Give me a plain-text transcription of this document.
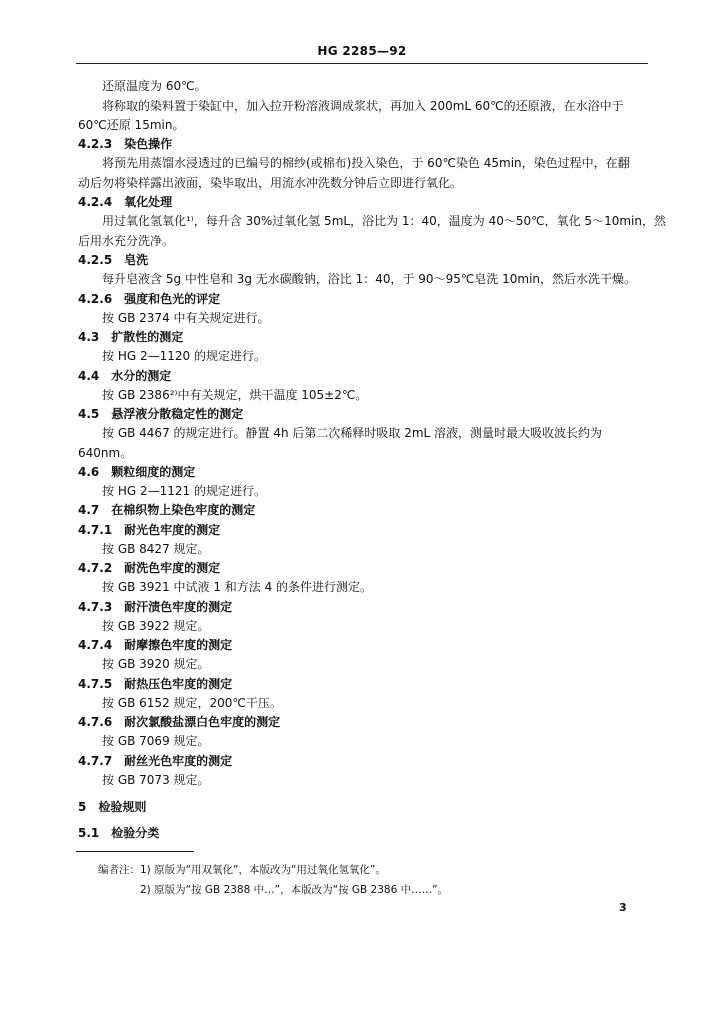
HG 2285—92
还原温度为 60℃。
将称取的染料置于染缸中，加入拉开粉溶液调成浆状，再加入 200mL 60℃的还原液，在水浴中于
60℃还原 15min。
4.2.3　染色操作
将预先用蒸馏水浸透过的已编号的棉纱(或棉布)投入染色，于 60℃染色 45min，染色过程中，在翻
动后勿将染样露出液面，染毕取出，用流水冲洗数分钟后立即进行氧化。
4.2.4　氧化处理
用过氧化氢氧化¹⁾，每升含 30%过氧化氢 5mL，浴比为 1：40，温度为 40～50℃，氧化 5～10min，然
后用水充分洗净。
4.2.5　皂洗
每升皂液含 5g 中性皂和 3g 无水碳酸钠，浴比 1：40，于 90～95℃皂洗 10min，然后水洗干燥。
4.2.6　强度和色光的评定
按 GB 2374 中有关规定进行。
4.3　扩散性的测定
按 HG 2—1120 的规定进行。
4.4　水分的测定
按 GB 2386²⁾中有关规定，烘干温度 105±2℃。
4.5　悬浮液分散稳定性的测定
按 GB 4467 的规定进行。静置 4h 后第二次稀释时吸取 2mL 溶液，测量时最大吸收波长约为
640nm。
4.6　颗粒细度的测定
按 HG 2—1121 的规定进行。
4.7　在棉织物上染色牢度的测定
4.7.1　耐光色牢度的测定
按 GB 8427 规定。
4.7.2　耐洗色牢度的测定
按 GB 3921 中试液 1 和方法 4 的条件进行测定。
4.7.3　耐汗渍色牢度的测定
按 GB 3922 规定。
4.7.4　耐摩擦色牢度的测定
按 GB 3920 规定。
4.7.5　耐热压色牢度的测定
按 GB 6152 规定，200℃干压。
4.7.6　耐次氯酸盐漂白色牢度的测定
按 GB 7069 规定。
4.7.7　耐丝光色牢度的测定
按 GB 7073 规定。
5　检验规则
5.1　检验分类
编者注：1) 原版为“用双氧化”，本版改为“用过氧化氢氧化”。
2) 原版为“按 GB 2388 中…”，本版改为“按 GB 2386 中……”。
3
